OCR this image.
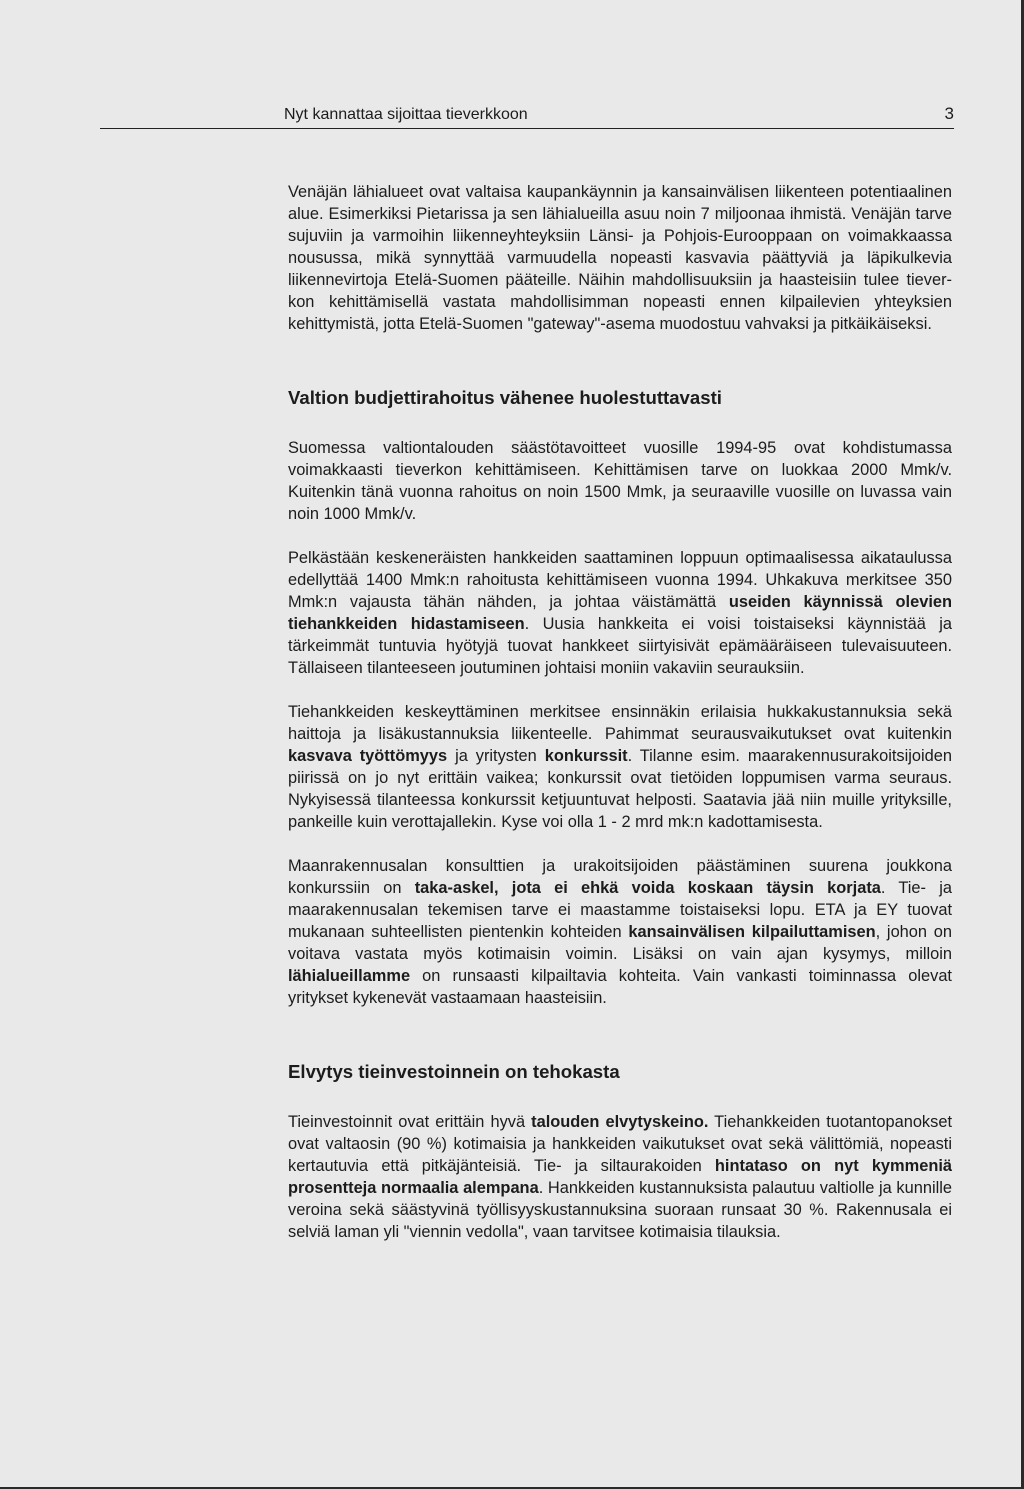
Nyt kannattaa sijoittaa tieverkkoon	3

Venäjän lähialueet ovat valtaisa kaupankäynnin ja kansainvälisen liikenteen potentiaalinen alue. Esimerkiksi Pietarissa ja sen lähialueilla asuu noin 7 miljoonaa ihmistä. Venäjän tarve sujuviin ja varmoihin liikenneyhteyksiin Länsi- ja Pohjois-Eurooppaan on voimakkaassa nousussa, mikä synnyttää varmuudella nopeasti kasvavia päättyviä ja läpikulkevia liikennevirtoja Etelä-Suomen pääteille. Näihin mahdollisuuksiin ja haasteisiin tulee tieverkon kehittämisellä vastata mahdollisimman nopeasti ennen kilpailevien yhteyksien kehittymistä, jotta Etelä-Suomen "gateway"-asema muodostuu vahvaksi ja pitkäikäiseksi.

Valtion budjettirahoitus vähenee huolestuttavasti

Suomessa valtiontalouden säästötavoitteet vuosille 1994-95 ovat kohdistumassa voimakkaasti tieverkon kehittämiseen. Kehittämisen tarve on luokkaa 2000 Mmk/v. Kuitenkin tänä vuonna rahoitus on noin 1500 Mmk, ja seuraaville vuosille on luvassa vain noin 1000 Mmk/v.

Pelkästään keskeneräisten hankkeiden saattaminen loppuun optimaalisessa aikataulussa edellyttää 1400 Mmk:n rahoitusta kehittämiseen vuonna 1994. Uhkakuva merkitsee 350 Mmk:n vajausta tähän nähden, ja johtaa väistämättä useiden käynnissä olevien tiehankkeiden hidastamiseen. Uusia hankkeita ei voisi toistaiseksi käynnistää ja tärkeimmät tuntuvia hyötyjä tuovat hankkeet siirtyisivät epämääräiseen tulevaisuuteen. Tällaiseen tilanteeseen joutuminen johtaisi moniin vakaviin seurauksiin.

Tiehankkeiden keskeyttäminen merkitsee ensinnäkin erilaisia hukkakustannuksia sekä haittoja ja lisäkustannuksia liikenteelle. Pahimmat seurausvaikutukset ovat kuitenkin kasvava työttömyys ja yritysten konkurssit. Tilanne esim. maarakennusurakoitsijoiden piirissä on jo nyt erittäin vaikea; konkurssit ovat tietöiden loppumisen varma seuraus. Nykyisessä tilanteessa konkurssit ketjuuntuvat helposti. Saatavia jää niin muille yrityksille, pankeille kuin verottajallekin. Kyse voi olla 1 - 2 mrd mk:n kadottamisesta.

Maanrakennusalan konsulttien ja urakoitsijoiden päästäminen suurena joukkona konkurssiin on taka-askel, jota ei ehkä voida koskaan täysin korjata. Tie- ja maarakennusalan tekemisen tarve ei maastamme toistaiseksi lopu. ETA ja EY tuovat mukanaan suhteellisten pientenkin kohteiden kansainvälisen kilpailuttamisen, johon on voitava vastata myös kotimaisin voimin. Lisäksi on vain ajan kysymys, milloin lähialueillamme on runsaasti kilpailtavia kohteita. Vain vankasti toiminnassa olevat yritykset kykenevät vastaamaan haasteisiin.

Elvytys tieinvestoinnein on tehokasta

Tieinvestoinnit ovat erittäin hyvä talouden elvytyskeino. Tiehankkeiden tuotantopanokset ovat valtaosin (90 %) kotimaisia ja hankkeiden vaikutukset ovat sekä välittömiä, nopeasti kertautuvia että pitkäjänteisiä. Tie- ja siltaurakoiden hintataso on nyt kymmeniä prosentteja normaalia alempana. Hankkeiden kustannuksista palautuu valtiolle ja kunnille veroina sekä säästyvinä työllisyyskustannuksina suoraan runsaat 30 %. Rakennusala ei selviä laman yli "viennin vedolla", vaan tarvitsee kotimaisia tilauksia.
